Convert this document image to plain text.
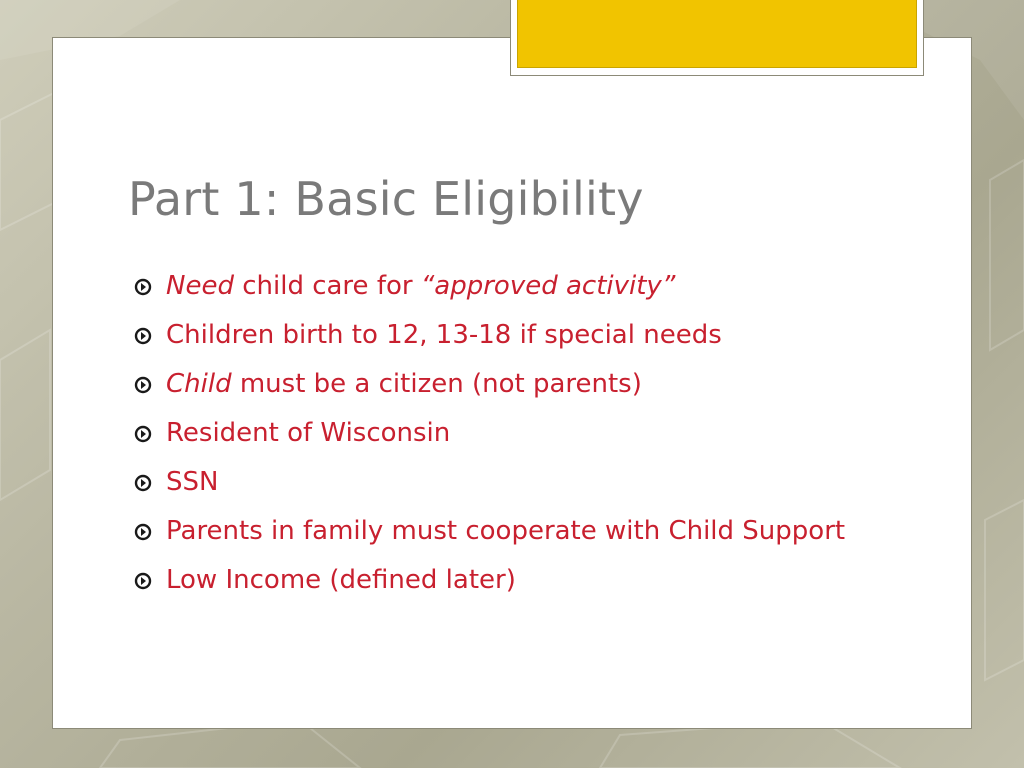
Part 1: Basic Eligibility
Need child care for “approved activity”
Children birth to 12, 13-18 if special needs
Child must be a citizen (not parents)
Resident of Wisconsin
SSN
Parents in family must cooperate with Child Support
Low Income (defined later)
